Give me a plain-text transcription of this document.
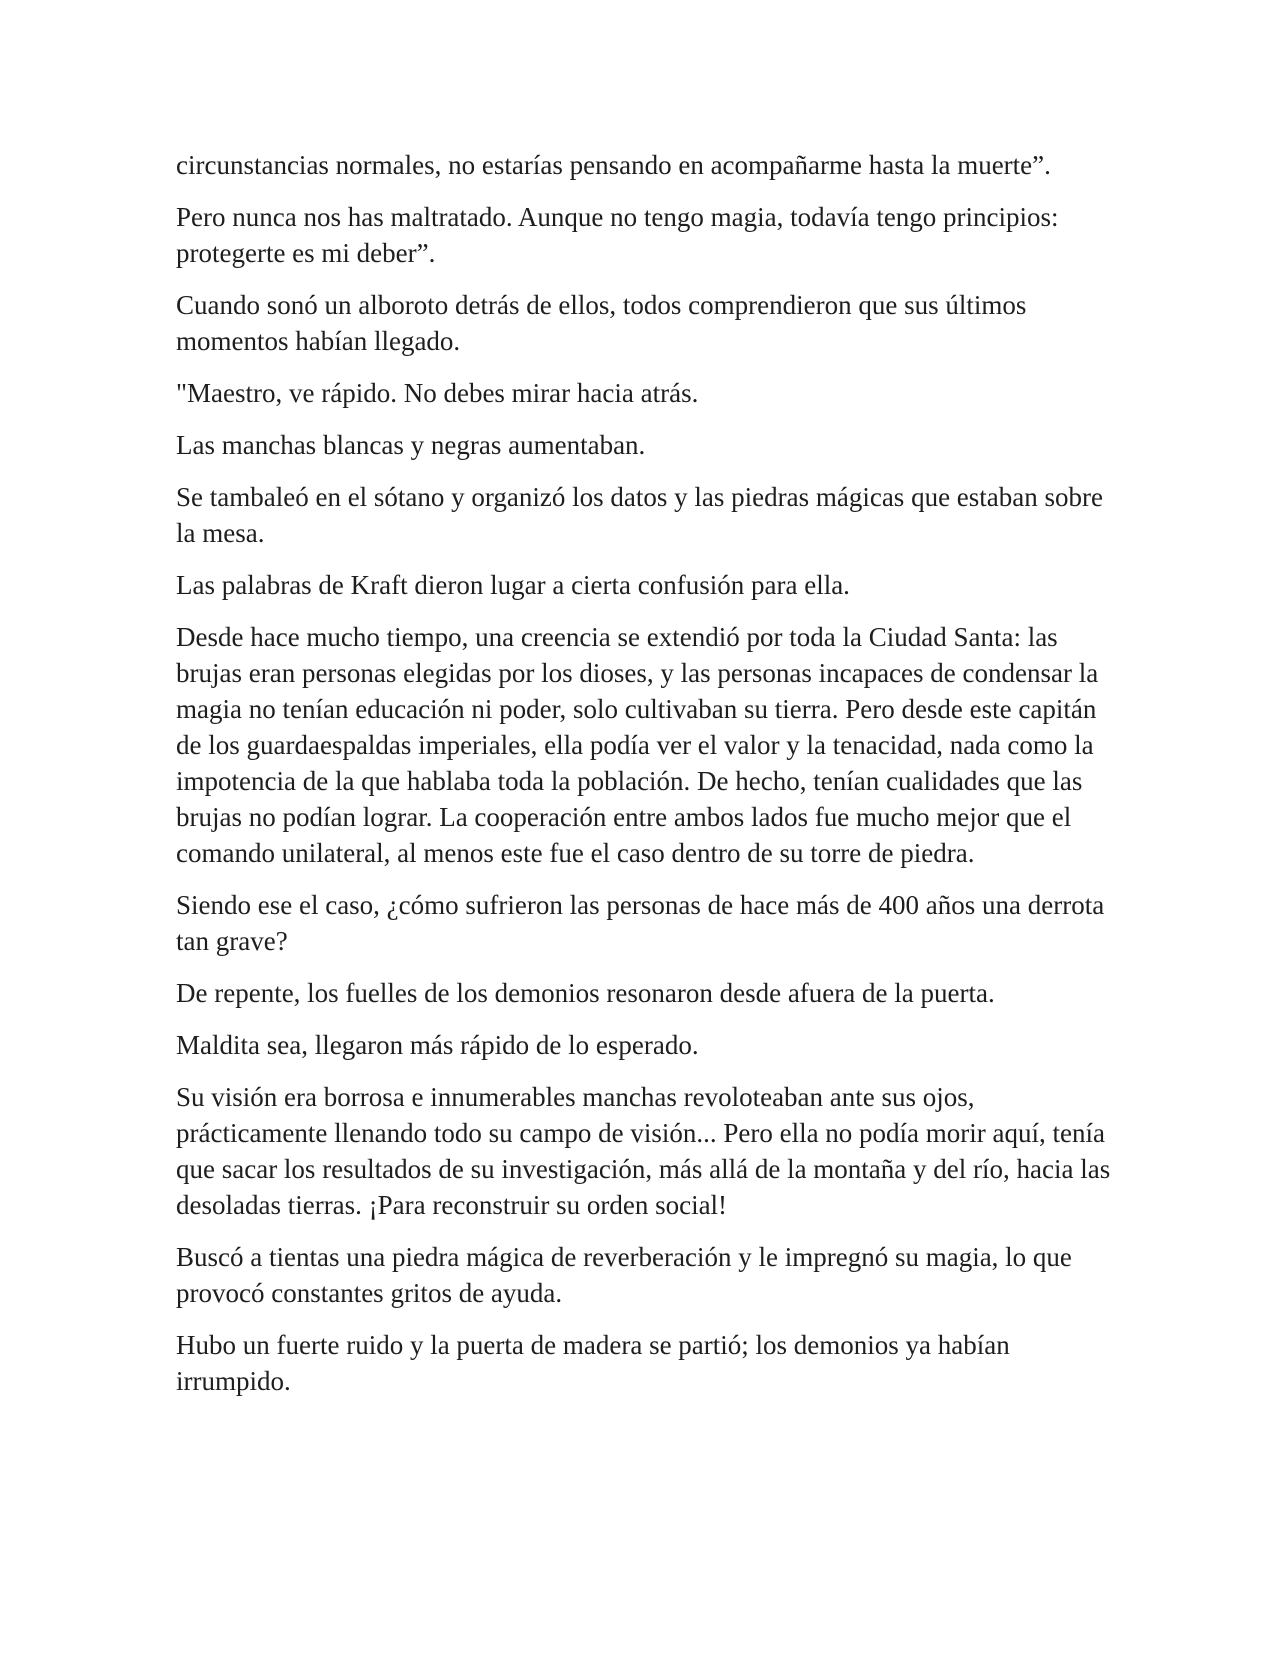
circunstancias normales, no estarías pensando en acompañarme hasta la muerte”.

Pero nunca nos has maltratado. Aunque no tengo magia, todavía tengo principios: protegerte es mi deber”.

Cuando sonó un alboroto detrás de ellos, todos comprendieron que sus últimos momentos habían llegado.

"Maestro, ve rápido. No debes mirar hacia atrás.

Las manchas blancas y negras aumentaban.

Se tambaleó en el sótano y organizó los datos y las piedras mágicas que estaban sobre la mesa.

Las palabras de Kraft dieron lugar a cierta confusión para ella.

Desde hace mucho tiempo, una creencia se extendió por toda la Ciudad Santa: las brujas eran personas elegidas por los dioses, y las personas incapaces de condensar la magia no tenían educación ni poder, solo cultivaban su tierra. Pero desde este capitán de los guardaespaldas imperiales, ella podía ver el valor y la tenacidad, nada como la impotencia de la que hablaba toda la población. De hecho, tenían cualidades que las brujas no podían lograr. La cooperación entre ambos lados fue mucho mejor que el comando unilateral, al menos este fue el caso dentro de su torre de piedra.

Siendo ese el caso, ¿cómo sufrieron las personas de hace más de 400 años una derrota tan grave?

De repente, los fuelles de los demonios resonaron desde afuera de la puerta.

Maldita sea, llegaron más rápido de lo esperado.

Su visión era borrosa e innumerables manchas revoloteaban ante sus ojos, prácticamente llenando todo su campo de visión... Pero ella no podía morir aquí, tenía que sacar los resultados de su investigación, más allá de la montaña y del río, hacia las desoladas tierras. ¡Para reconstruir su orden social!

Buscó a tientas una piedra mágica de reverberación y le impregnó su magia, lo que provocó constantes gritos de ayuda.

Hubo un fuerte ruido y la puerta de madera se partió; los demonios ya habían irrumpido.
